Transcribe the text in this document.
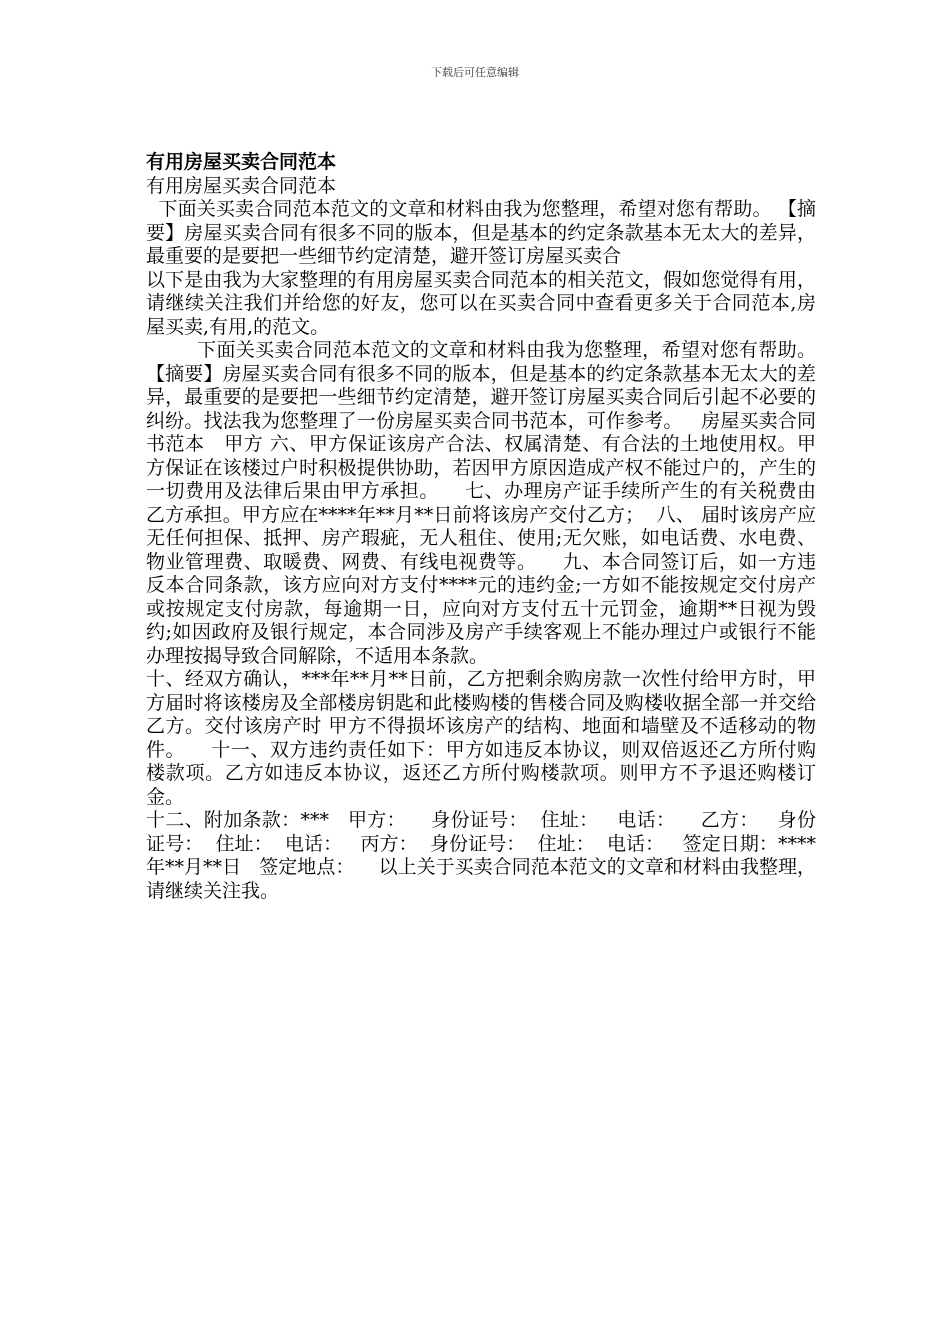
下载后可任意编辑
有用房屋买卖合同范本
有用房屋买卖合同范本

下面关买卖合同范本范文的文章和材料由我为您整理，希望对您有帮助。 【摘要】房屋买卖合同有很多不同的版本，但是基本的约定条款基本无太大的差异，最重要的是要把一些细节约定清楚，避开签订房屋买卖合

以下是由我为大家整理的有用房屋买卖合同范本的相关范文，假如您觉得有用，请继续关注我们并给您的好友，您可以在买卖合同中查看更多关于合同范本,房屋买卖,有用,的范文。

下面关买卖合同范本范文的文章和材料由我为您整理，希望对您有帮助。   【摘要】房屋买卖合同有很多不同的版本，但是基本的约定条款基本无太大的差异，最重要的是要把一些细节约定清楚，避开签订房屋买卖合同后引起不必要的纠纷。找法我为您整理了一份房屋买卖合同书范本，可作参考。   房屋买卖合同书范本   甲方 六、甲方保证该房产合法、权属清楚、有合法的土地使用权。甲方保证在该楼过户时积极提供协助，若因甲方原因造成产权不能过户的，产生的一切费用及法律后果由甲方承担。    七、办理房产证手续所产生的有关税费由乙方承担。甲方应在****年**月**日前将该房产交付乙方；  八、 届时该房产应无任何担保、抵押、房产瑕疵，无人租住、使用;无欠账，如电话费、水电费、物业管理费、取暖费、网费、有线电视费等。    九、本合同签订后，如一方违反本合同条款，该方应向对方支付****元的违约金;一方如不能按规定交付房产或按规定支付房款，每逾期一日，应向对方支付五十元罚金，逾期**日视为毁约;如因政府及银行规定，本合同涉及房产手续客观上不能办理过户或银行不能办理按揭导致合同解除，不适用本条款。

十、经双方确认，***年**月**日前，乙方把剩余购房款一次性付给甲方时，甲方届时将该楼房及全部楼房钥匙和此楼购楼的售楼合同及购楼收据全部一并交给乙方。交付该房产时 甲方不得损坏该房产的结构、地面和墙壁及不适移动的物件。    十一、双方违约责任如下：甲方如违反本协议，则双倍返还乙方所付购楼款项。乙方如违反本协议，返还乙方所付购楼款项。则甲方不予退还购楼订金。

十二、附加条款：***   甲方：    身份证号：  住址：   电话：    乙方：   身份证号：  住址：  电话：   丙方：  身份证号：  住址：  电话：   签定日期：****年**月**日   签定地点：    以上关于买卖合同范本范文的文章和材料由我整理，请继续关注我。
